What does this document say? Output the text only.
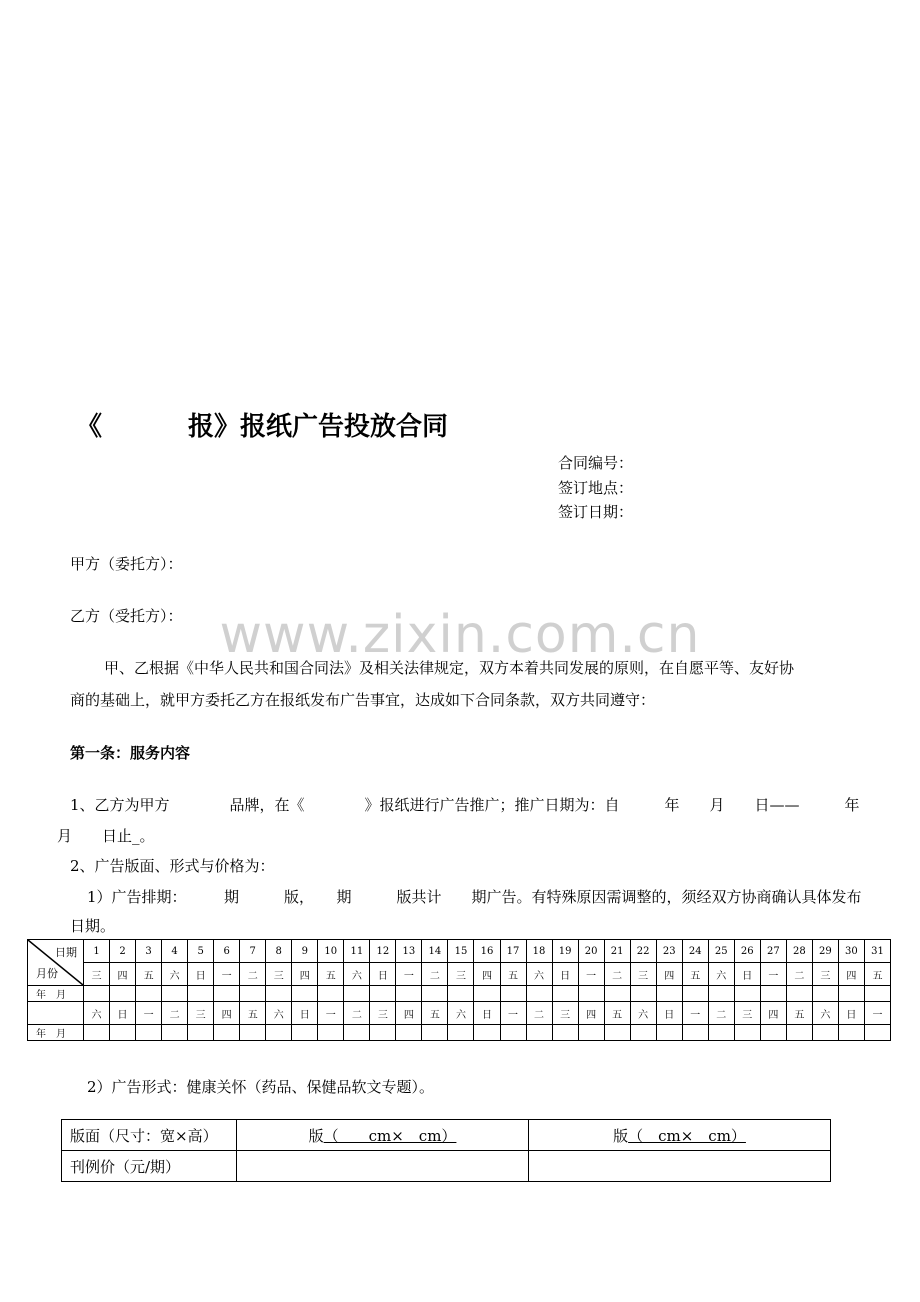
《	报》报纸广告投放合同
合同编号：
签订地点：
签订日期：
甲方（委托方）：
乙方（受托方）： www.zixin.com.cn
甲、乙根据《中华人民共和国合同法》及相关法律规定，双方本着共同发展的原则，在自愿平等、友好协
商的基础上，就甲方委托乙方在报纸发布广告事宜，达成如下合同条款，双方共同遵守：
第一条：服务内容
1、乙方为甲方　　　　品牌，在《　　　　》报纸进行广告推广；推广日期为：自　　　年　　月　　日——　　　年
月　　日止_。
2、广告版面、形式与价格为：
1）广告排期：　　　期　　　版，　　期　　　版共计　　期广告。有特殊原因需调整的，须经双方协商确认具体发布
日期。
日期
月份	1	2	3	4	5	6	7	8	9	10	11	12	13	14	15	16	17	18	19	20	21	22	23	24	25	26	27	28	29	30	31
	三	四	五	六	日	一	二	三	四	五	六	日	一	二	三	四	五	六	日	一	二	三	四	五	六	日	一	二	三	四	五
年　月																															
	六	日	一	二	三	四	五	六	日	一	二	三	四	五	六	日	一	二	三	四	五	六	日	一	二	三	四	五	六	日	一
年　月																															
2）广告形式：健康关怀（药品、保健品软文专题）。
版面（尺寸：宽×高）	版（　　cm×　cm）	版（　cm×　cm）
刊例价（元/期）		
